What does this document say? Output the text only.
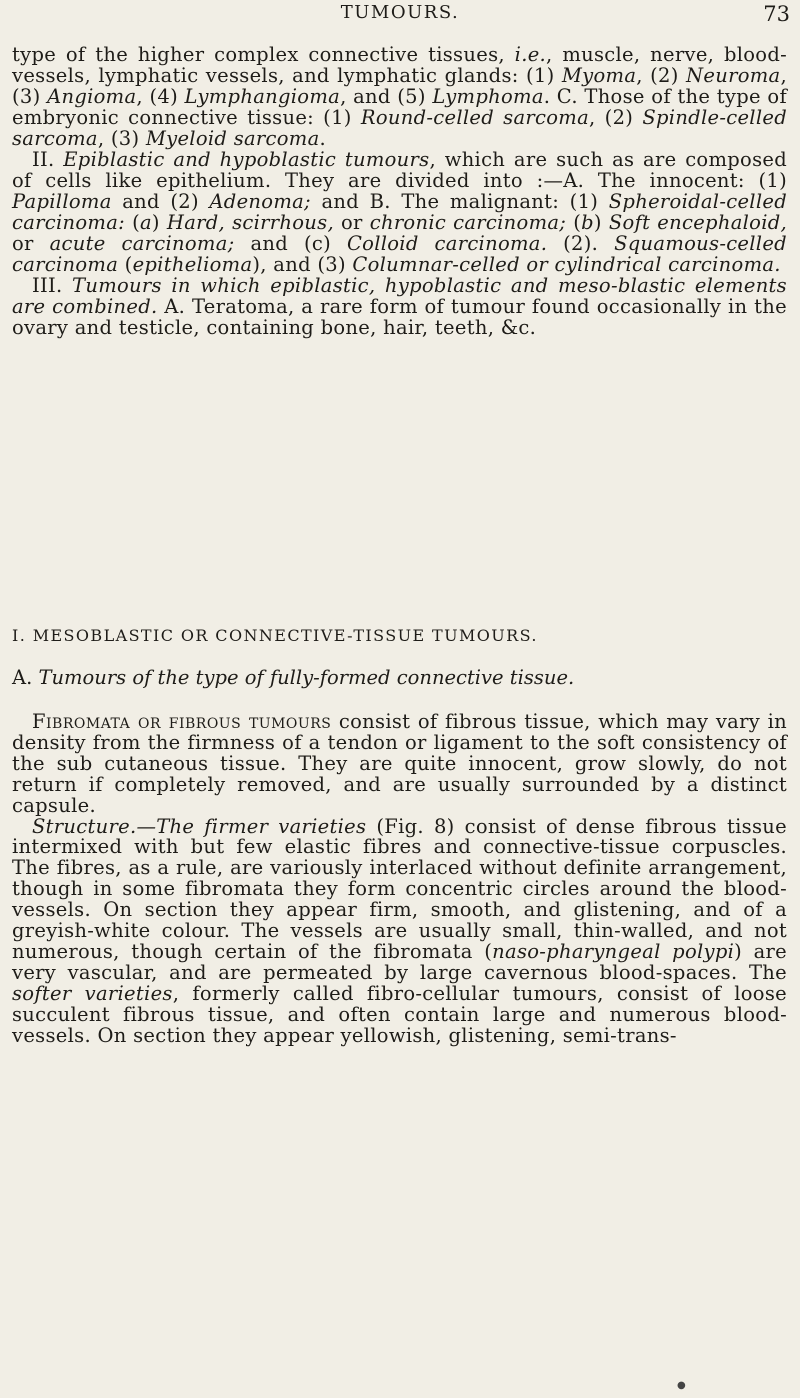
TUMOURS.	73

type of the higher complex connective tissues, i.e., muscle, nerve, blood-vessels, lymphatic vessels, and lymphatic glands: (1) Myoma, (2) Neuroma, (3) Angioma, (4) Lymphangioma, and (5) Lymphoma. C. Those of the type of embryonic connective tissue: (1) Round-celled sarcoma, (2) Spindle-celled sarcoma, (3) Myeloid sarcoma.

II. Epiblastic and hypoblastic tumours, which are such as are composed of cells like epithelium. They are divided into :—A. The innocent: (1) Papilloma and (2) Adenoma; and B. The malignant: (1) Spheroidal-celled carcinoma: (a) Hard, scirrhous, or chronic carcinoma; (b) Soft encephaloid, or acute carcinoma; and (c) Colloid carcinoma. (2). Squamous-celled carcinoma (epithelioma), and (3) Columnar-celled or cylindrical carcinoma.

III. Tumours in which epiblastic, hypoblastic and meso-blastic elements are combined. A. Teratoma, a rare form of tumour found occasionally in the ovary and testicle, containing bone, hair, teeth, &c.

I. MESOBLASTIC OR CONNECTIVE-TISSUE TUMOURS.
A. Tumours of the type of fully-formed connective tissue.

Fibromata or fibrous tumours consist of fibrous tissue, which may vary in density from the firmness of a tendon or ligament to the soft consistency of the sub cutaneous tissue. They are quite innocent, grow slowly, do not return if completely removed, and are usually surrounded by a distinct capsule.

Structure.—The firmer varieties (Fig. 8) consist of dense fibrous tissue intermixed with but few elastic fibres and connective-tissue corpuscles. The fibres, as a rule, are variously interlaced without definite arrangement, though in some fibromata they form concentric circles around the blood-vessels. On section they appear firm, smooth, and glistening, and of a greyish-white colour. The vessels are usually small, thin-walled, and not numerous, though certain of the fibromata (naso-pharyngeal polypi) are very vascular, and are permeated by large cavernous blood-spaces. The softer varieties, formerly called fibro-cellular tumours, consist of loose succulent fibrous tissue, and often contain large and numerous blood-vessels. On section they appear yellowish, glistening, semi-trans-

●
